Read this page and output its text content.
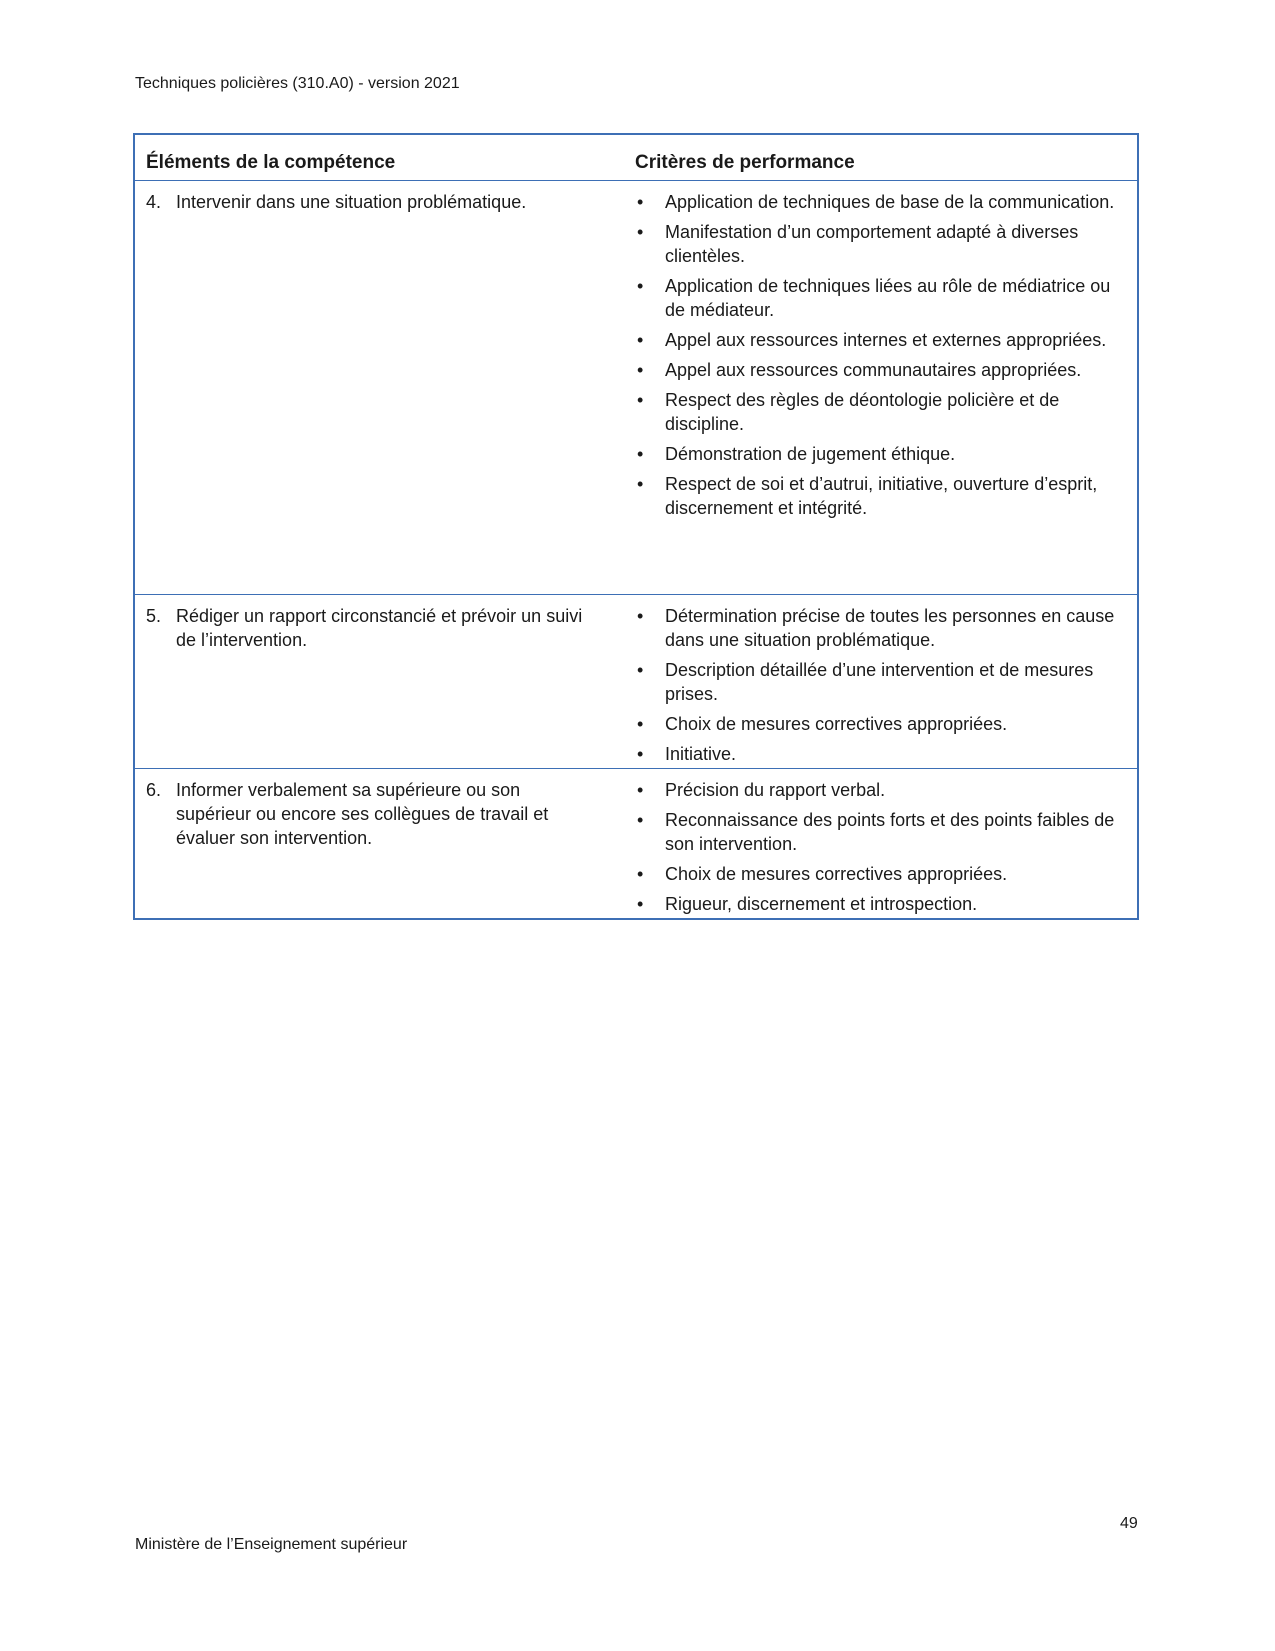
Techniques policières (310.A0) - version 2021
Éléments de la compétence	Critères de performance
4. Intervenir dans une situation problématique.	•	Application de techniques de base de la communication.
•	Manifestation d’un comportement adapté à diverses clientèles.
•	Application de techniques liées au rôle de médiatrice ou de médiateur.
•	Appel aux ressources internes et externes appropriées.
•	Appel aux ressources communautaires appropriées.
•	Respect des règles de déontologie policière et de discipline.
•	Démonstration de jugement éthique.
•	Respect de soi et d’autrui, initiative, ouverture d’esprit, discernement et intégrité.
5. Rédiger un rapport circonstancié et prévoir un suivi de l’intervention.
•	Détermination précise de toutes les personnes en cause dans une situation problématique.
•	Description détaillée d’une intervention et de mesures prises.
•	Choix de mesures correctives appropriées.
•	Initiative.
6. Informer verbalement sa supérieure ou son supérieur ou encore ses collègues de travail et évaluer son intervention.
•	Précision du rapport verbal.
•	Reconnaissance des points forts et des points faibles de son intervention.
•	Choix de mesures correctives appropriées.
•	Rigueur, discernement et introspection.
Ministère de l’Enseignement supérieur
49
